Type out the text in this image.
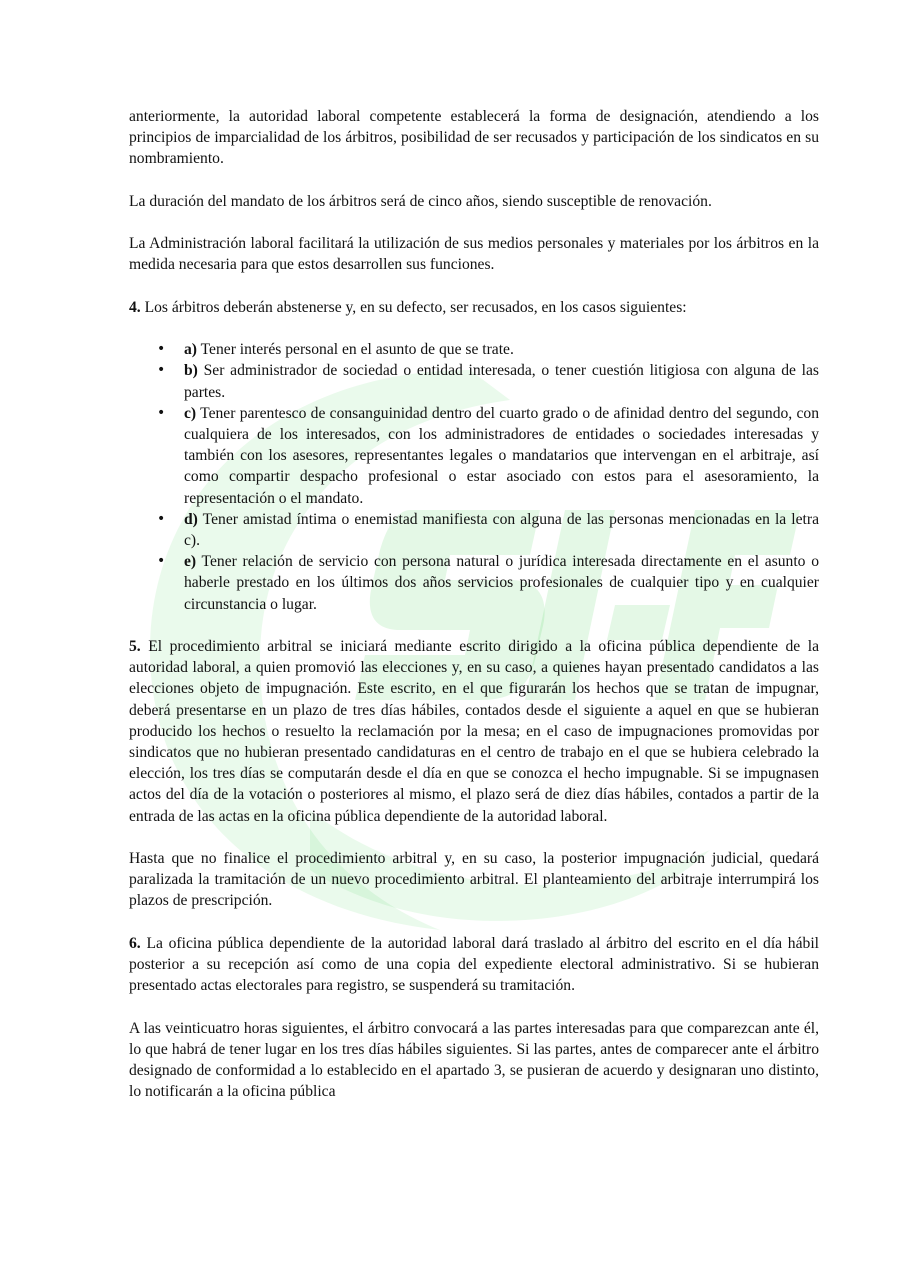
anteriormente, la autoridad laboral competente establecerá la forma de designación, atendiendo a los principios de imparcialidad de los árbitros, posibilidad de ser recusados y participación de los sindicatos en su nombramiento.

La duración del mandato de los árbitros será de cinco años, siendo susceptible de renovación.

La Administración laboral facilitará la utilización de sus medios personales y materiales por los árbitros en la medida necesaria para que estos desarrollen sus funciones.

4. Los árbitros deberán abstenerse y, en su defecto, ser recusados, en los casos siguientes:

• a) Tener interés personal en el asunto de que se trate.
• b) Ser administrador de sociedad o entidad interesada, o tener cuestión litigiosa con alguna de las partes.
• c) Tener parentesco de consanguinidad dentro del cuarto grado o de afinidad dentro del segundo, con cualquiera de los interesados, con los administradores de entidades o sociedades interesadas y también con los asesores, representantes legales o mandatarios que intervengan en el arbitraje, así como compartir despacho profesional o estar asociado con estos para el asesoramiento, la representación o el mandato.
• d) Tener amistad íntima o enemistad manifiesta con alguna de las personas mencionadas en la letra c).
• e) Tener relación de servicio con persona natural o jurídica interesada directamente en el asunto o haberle prestado en los últimos dos años servicios profesionales de cualquier tipo y en cualquier circunstancia o lugar.

5. El procedimiento arbitral se iniciará mediante escrito dirigido a la oficina pública dependiente de la autoridad laboral, a quien promovió las elecciones y, en su caso, a quienes hayan presentado candidatos a las elecciones objeto de impugnación. Este escrito, en el que figurarán los hechos que se tratan de impugnar, deberá presentarse en un plazo de tres días hábiles, contados desde el siguiente a aquel en que se hubieran producido los hechos o resuelto la reclamación por la mesa; en el caso de impugnaciones promovidas por sindicatos que no hubieran presentado candidaturas en el centro de trabajo en el que se hubiera celebrado la elección, los tres días se computarán desde el día en que se conozca el hecho impugnable. Si se impugnasen actos del día de la votación o posteriores al mismo, el plazo será de diez días hábiles, contados a partir de la entrada de las actas en la oficina pública dependiente de la autoridad laboral.

Hasta que no finalice el procedimiento arbitral y, en su caso, la posterior impugnación judicial, quedará paralizada la tramitación de un nuevo procedimiento arbitral. El planteamiento del arbitraje interrumpirá los plazos de prescripción.

6. La oficina pública dependiente de la autoridad laboral dará traslado al árbitro del escrito en el día hábil posterior a su recepción así como de una copia del expediente electoral administrativo. Si se hubieran presentado actas electorales para registro, se suspenderá su tramitación.

A las veinticuatro horas siguientes, el árbitro convocará a las partes interesadas para que comparezcan ante él, lo que habrá de tener lugar en los tres días hábiles siguientes. Si las partes, antes de comparecer ante el árbitro designado de conformidad a lo establecido en el apartado 3, se pusieran de acuerdo y designaran uno distinto, lo notificarán a la oficina pública
